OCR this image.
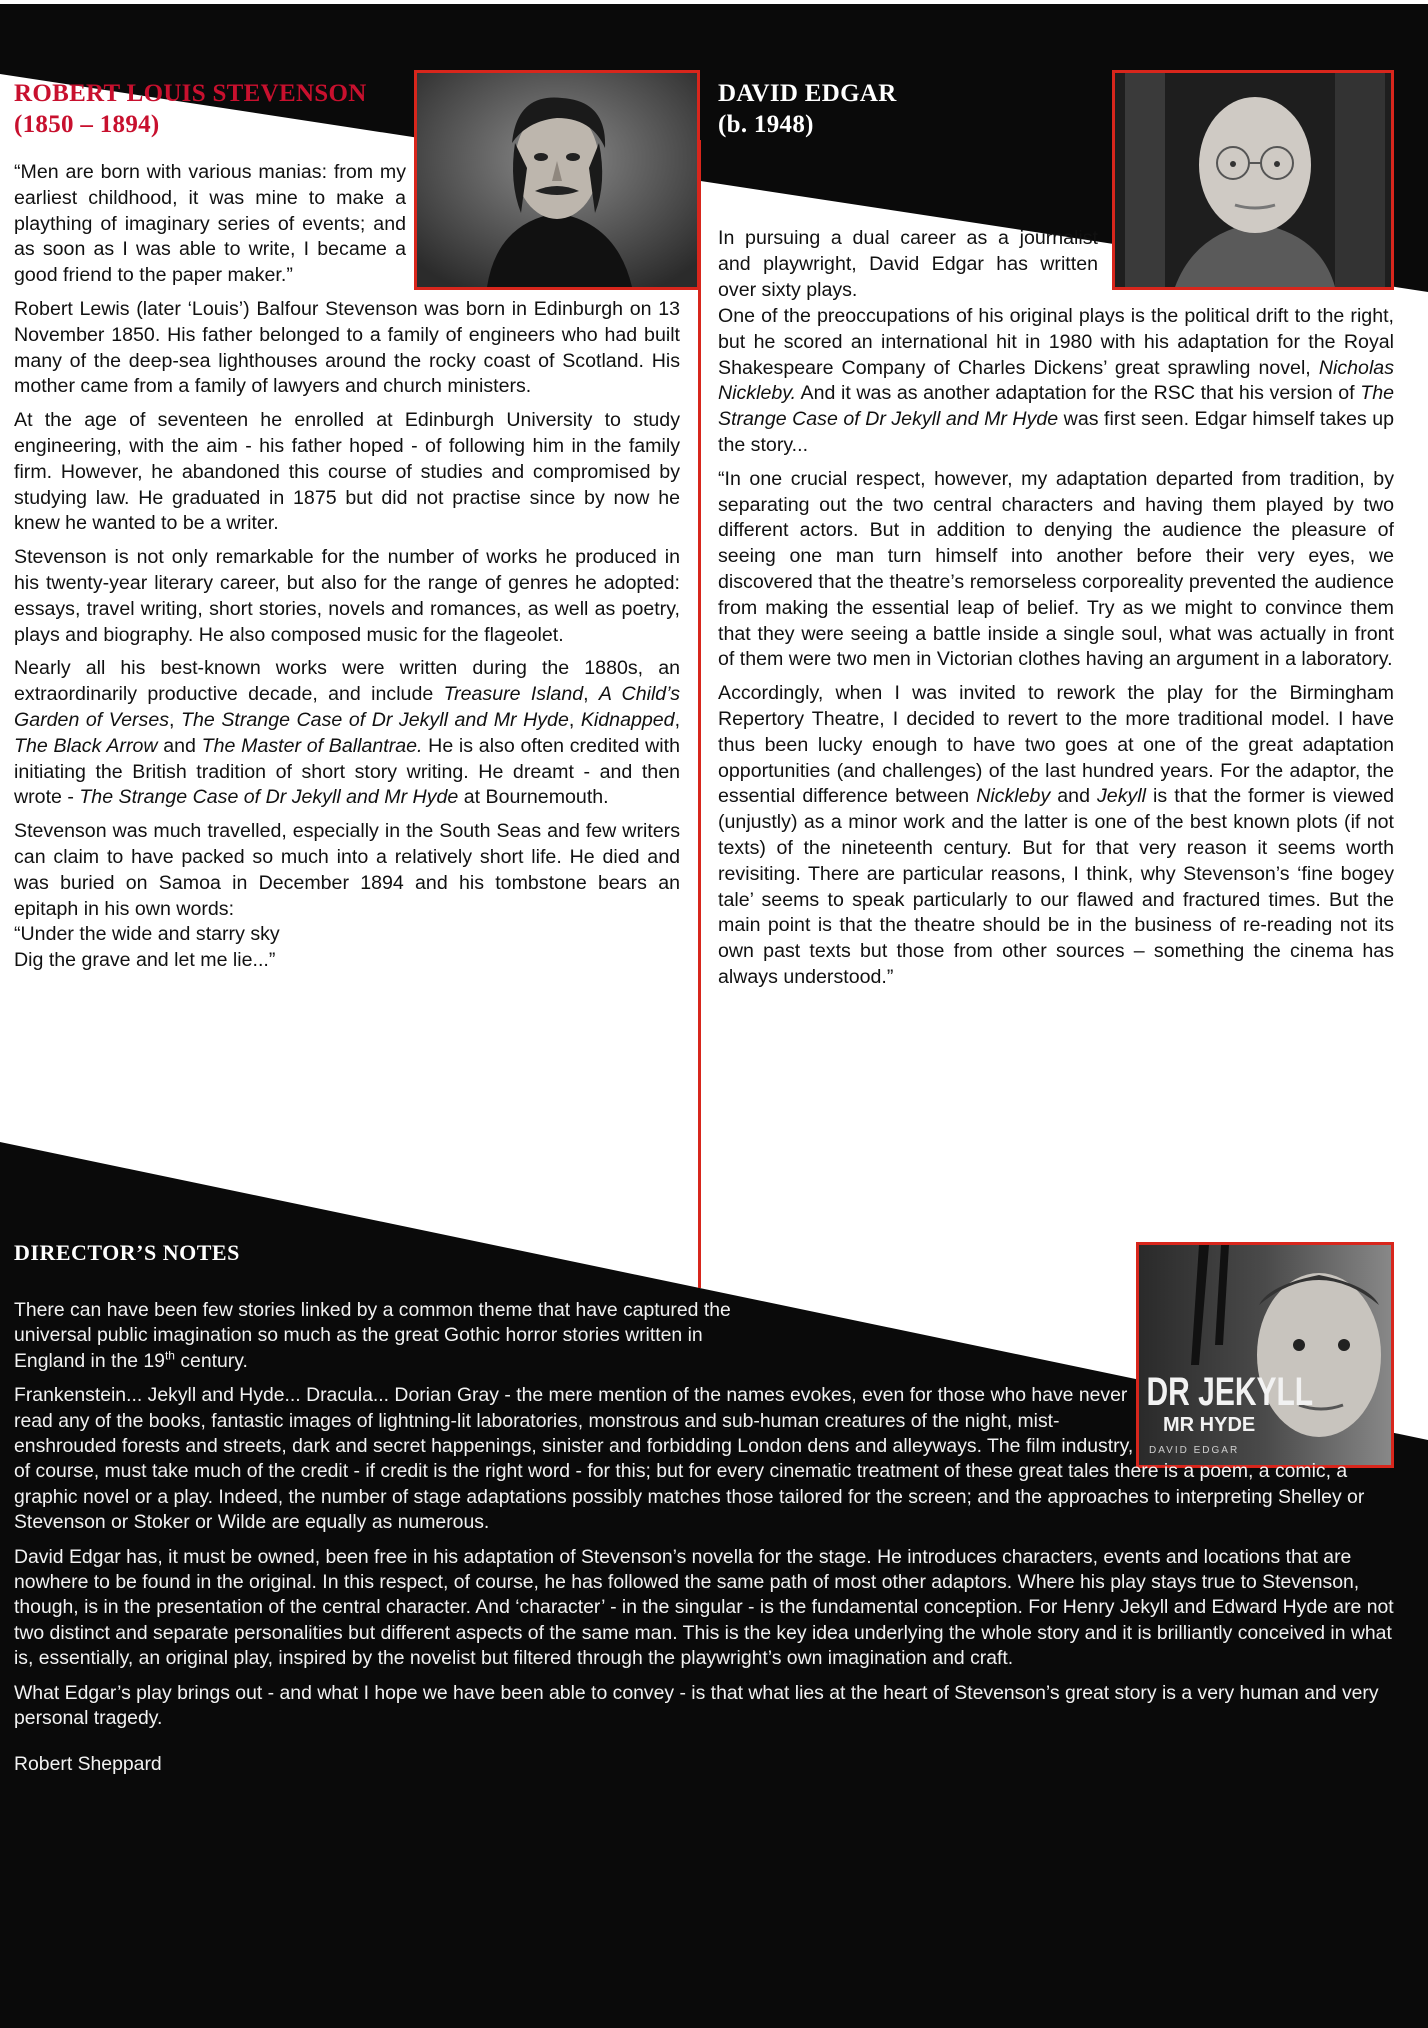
ROBERT LOUIS STEVENSON
(1850 – 1894)

“Men are born with various manias: from my earliest childhood, it was mine to make a plaything of imaginary series of events; and as soon as I was able to write, I became a good friend to the paper maker.”

Robert Lewis (later ‘Louis’) Balfour Stevenson was born in Edinburgh on 13 November 1850. His father belonged to a family of engineers who had built many of the deep-sea lighthouses around the rocky coast of Scotland. His mother came from a family of lawyers and church ministers.

At the age of seventeen he enrolled at Edinburgh University to study engineering, with the aim - his father hoped - of following him in the family firm. However, he abandoned this course of studies and compromised by studying law. He graduated in 1875 but did not practise since by now he knew he wanted to be a writer.

Stevenson is not only remarkable for the number of works he produced in his twenty-year literary career, but also for the range of genres he adopted: essays, travel writing, short stories, novels and romances, as well as poetry, plays and biography. He also composed music for the flageolet.

Nearly all his best-known works were written during the 1880s, an extraordinarily productive decade, and include Treasure Island, A Child’s Garden of Verses, The Strange Case of Dr Jekyll and Mr Hyde, Kidnapped, The Black Arrow and The Master of Ballantrae. He is also often credited with initiating the British tradition of short story writing. He dreamt - and then wrote - The Strange Case of Dr Jekyll and Mr Hyde at Bournemouth.

Stevenson was much travelled, especially in the South Seas and few writers can claim to have packed so much into a relatively short life. He died and was buried on Samoa in December 1894 and his tombstone bears an epitaph in his own words:
“Under the wide and starry sky
Dig the grave and let me lie...”

DAVID EDGAR
(b. 1948)

In pursuing a dual career as a journalist and playwright, David Edgar has written over sixty plays.

One of the preoccupations of his original plays is the political drift to the right, but he scored an international hit in 1980 with his adaptation for the Royal Shakespeare Company of Charles Dickens’ great sprawling novel, Nicholas Nickleby. And it was as another adaptation for the RSC that his version of The Strange Case of Dr Jekyll and Mr Hyde was first seen. Edgar himself takes up the story...

“In one crucial respect, however, my adaptation departed from tradition, by separating out the two central characters and having them played by two different actors. But in addition to denying the audience the pleasure of seeing one man turn himself into another before their very eyes, we discovered that the theatre’s remorseless corporeality prevented the audience from making the essential leap of belief. Try as we might to convince them that they were seeing a battle inside a single soul, what was actually in front of them were two men in Victorian clothes having an argument in a laboratory.

Accordingly, when I was invited to rework the play for the Birmingham Repertory Theatre, I decided to revert to the more traditional model. I have thus been lucky enough to have two goes at one of the great adaptation opportunities (and challenges) of the last hundred years. For the adaptor, the essential difference between Nickleby and Jekyll is that the former is viewed (unjustly) as a minor work and the latter is one of the best known plots (if not texts) of the nineteenth century. But for that very reason it seems worth revisiting. There are particular reasons, I think, why Stevenson’s ‘fine bogey tale’ seems to speak particularly to our flawed and fractured times. But the main point is that the theatre should be in the business of re-reading not its own past texts but those from other sources – something the cinema has always understood.”

DIRECTOR’S NOTES
DR JEKYLL
MR HYDE
DAVID EDGAR

There can have been few stories linked by a common theme that have captured the universal public imagination so much as the great Gothic horror stories written in England in the 19th century.

Frankenstein... Jekyll and Hyde... Dracula... Dorian Gray - the mere mention of the names evokes, even for those who have never read any of the books, fantastic images of lightning-lit laboratories, monstrous and sub-human creatures of the night, mist-enshrouded forests and streets, dark and secret happenings, sinister and forbidding London dens and alleyways. The film industry, of course, must take much of the credit - if credit is the right word - for this; but for every cinematic treatment of these great tales there is a poem, a comic, a graphic novel or a play. Indeed, the number of stage adaptations possibly matches those tailored for the screen; and the approaches to interpreting Shelley or Stevenson or Stoker or Wilde are equally as numerous.

David Edgar has, it must be owned, been free in his adaptation of Stevenson’s novella for the stage. He introduces characters, events and locations that are nowhere to be found in the original. In this respect, of course, he has followed the same path of most other adaptors. Where his play stays true to Stevenson, though, is in the presentation of the central character. And ‘character’ - in the singular - is the fundamental conception. For Henry Jekyll and Edward Hyde are not two distinct and separate personalities but different aspects of the same man. This is the key idea underlying the whole story and it is brilliantly conceived in what is, essentially, an original play, inspired by the novelist but filtered through the playwright’s own imagination and craft.

What Edgar’s play brings out - and what I hope we have been able to convey - is that what lies at the heart of Stevenson’s great story is a very human and very personal tragedy.

Robert Sheppard
